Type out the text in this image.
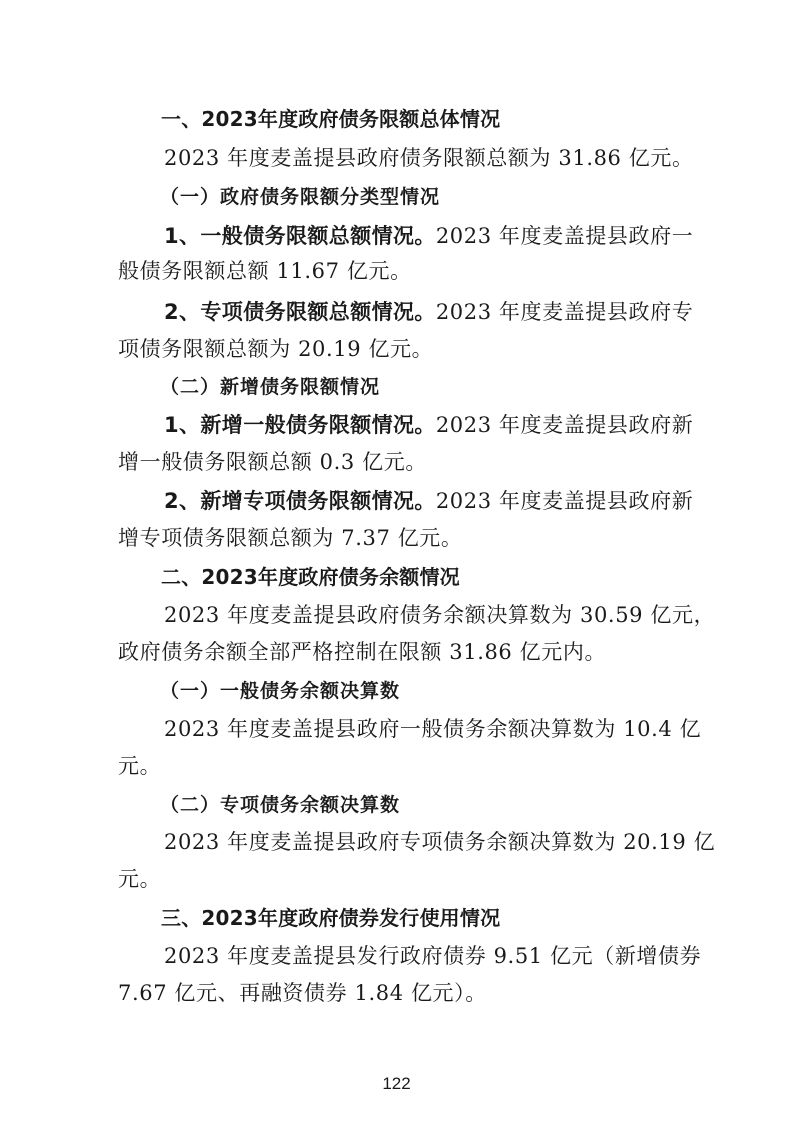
一、2023年度政府债务限额总体情况
2023 年度麦盖提县政府债务限额总额为 31.86 亿元。
（一）政府债务限额分类型情况
1、一般债务限额总额情况。2023 年度麦盖提县政府一
般债务限额总额 11.67 亿元。
2、专项债务限额总额情况。2023 年度麦盖提县政府专
项债务限额总额为 20.19 亿元。
（二）新增债务限额情况
1、新增一般债务限额情况。2023 年度麦盖提县政府新
增一般债务限额总额 0.3 亿元。
2、新增专项债务限额情况。2023 年度麦盖提县政府新
增专项债务限额总额为 7.37 亿元。
二、2023年度政府债务余额情况
2023 年度麦盖提县政府债务余额决算数为 30.59 亿元，
政府债务余额全部严格控制在限额 31.86 亿元内。
（一）一般债务余额决算数
2023 年度麦盖提县政府一般债务余额决算数为 10.4 亿
元。
（二）专项债务余额决算数
2023 年度麦盖提县政府专项债务余额决算数为 20.19 亿
元。
三、2023年度政府债券发行使用情况
2023 年度麦盖提县发行政府债券 9.51 亿元（新增债券
7.67 亿元、再融资债券 1.84 亿元）。
122
